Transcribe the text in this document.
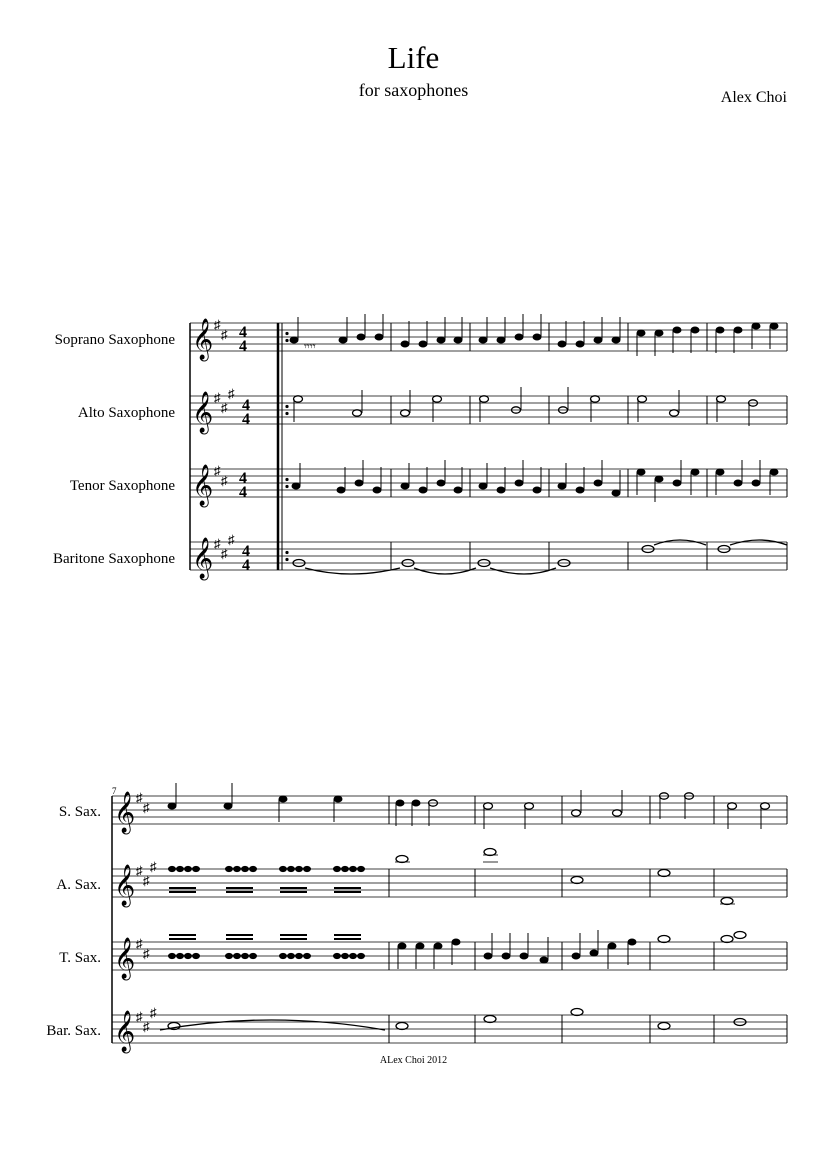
Life
for saxophones	Alex Choi
Soprano Saxophone
Alto Saxophone
Tenor Saxophone
Baritone Saxophone
𝄞
𝄞
𝄞
𝄞
♯
♯
♯
♯
♯
♯
♯
♯
♯
♯
4
4
4
4
4
4
4
4
𝄾𝄾𝄾𝄾
7
S. Sax.
A. Sax.
T. Sax.
Bar. Sax.
𝄞
𝄞
𝄞
𝄞
♯
♯
♯
♯
♯
♯
♯
♯
♯
♯
ALex Choi 2012
